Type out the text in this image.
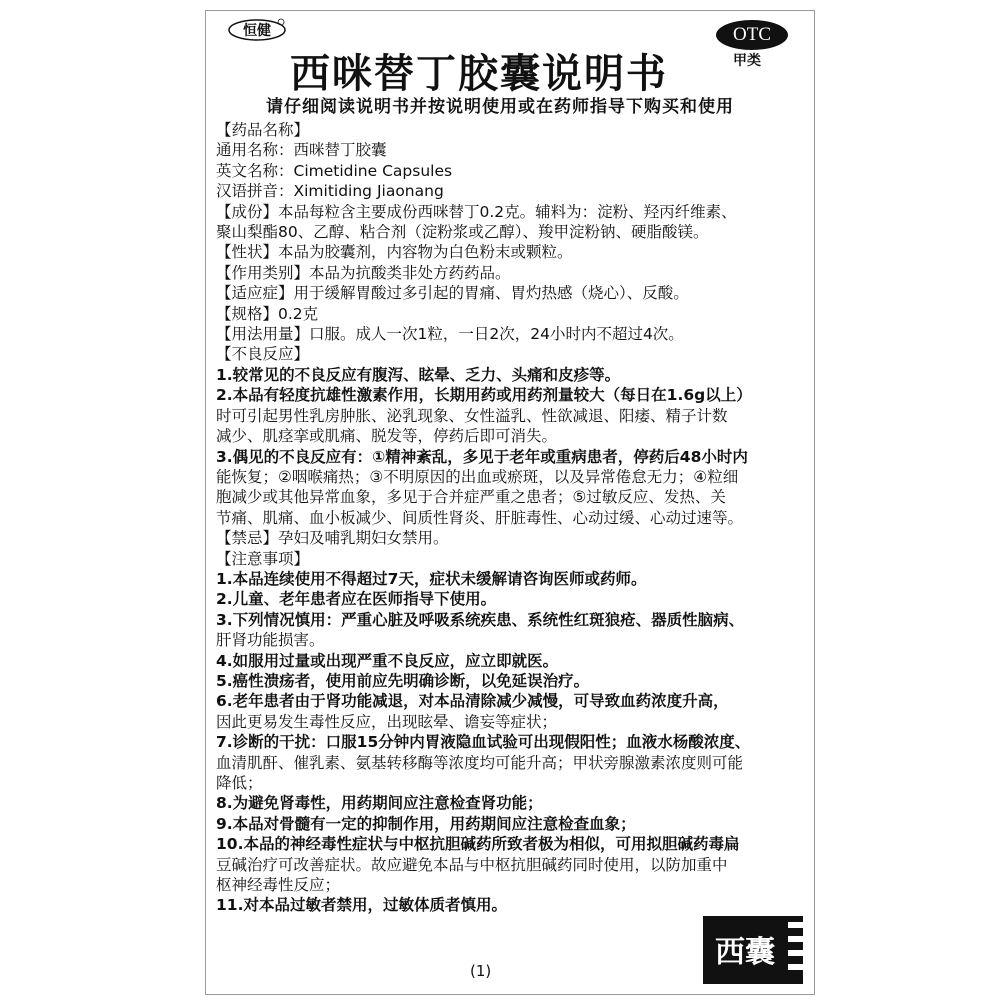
恒健	OTC
甲类
西咪替丁胶囊说明书
请仔细阅读说明书并按说明使用或在药师指导下购买和使用
【药品名称】
通用名称：西咪替丁胶囊
英文名称：Cimetidine Capsules
汉语拼音：Ximitiding Jiaonang
【成份】本品每粒含主要成份西咪替丁0.2克。辅料为：淀粉、羟丙纤维素、
聚山梨酯80、乙醇、粘合剂（淀粉浆或乙醇）、羧甲淀粉钠、硬脂酸镁。
【性状】本品为胶囊剂，内容物为白色粉末或颗粒。
【作用类别】本品为抗酸类非处方药药品。
【适应症】用于缓解胃酸过多引起的胃痛、胃灼热感（烧心）、反酸。
【规格】0.2克
【用法用量】口服。成人一次1粒，一日2次，24小时内不超过4次。
【不良反应】
1.较常见的不良反应有腹泻、眩晕、乏力、头痛和皮疹等。
2.本品有轻度抗雄性激素作用，长期用药或用药剂量较大（每日在1.6g以上）
时可引起男性乳房肿胀、泌乳现象、女性溢乳、性欲减退、阳痿、精子计数
减少、肌痉挛或肌痛、脱发等，停药后即可消失。
3.偶见的不良反应有：①精神紊乱，多见于老年或重病患者，停药后48小时内
能恢复；②咽喉痛热；③不明原因的出血或瘀斑，以及异常倦怠无力；④粒细
胞减少或其他异常血象，多见于合并症严重之患者；⑤过敏反应、发热、关
节痛、肌痛、血小板减少、间质性肾炎、肝脏毒性、心动过缓、心动过速等。
【禁忌】孕妇及哺乳期妇女禁用。
【注意事项】
1.本品连续使用不得超过7天，症状未缓解请咨询医师或药师。
2.儿童、老年患者应在医师指导下使用。
3.下列情况慎用：严重心脏及呼吸系统疾患、系统性红斑狼疮、器质性脑病、
肝肾功能损害。
4.如服用过量或出现严重不良反应，应立即就医。
5.癌性溃疡者，使用前应先明确诊断，以免延误治疗。
6.老年患者由于肾功能减退，对本品清除减少减慢，可导致血药浓度升高，
因此更易发生毒性反应，出现眩晕、谵妄等症状；
7.诊断的干扰：口服15分钟内胃液隐血试验可出现假阳性；血液水杨酸浓度、
血清肌酐、催乳素、氨基转移酶等浓度均可能升高；甲状旁腺激素浓度则可能
降低；
8.为避免肾毒性，用药期间应注意检查肾功能；
9.本品对骨髓有一定的抑制作用，用药期间应注意检查血象；
10.本品的神经毒性症状与中枢抗胆碱药所致者极为相似，可用拟胆碱药毒扁
豆碱治疗可改善症状。故应避免本品与中枢抗胆碱药同时使用，以防加重中
枢神经毒性反应；
11.对本品过敏者禁用，过敏体质者慎用。
西囊
(1)
